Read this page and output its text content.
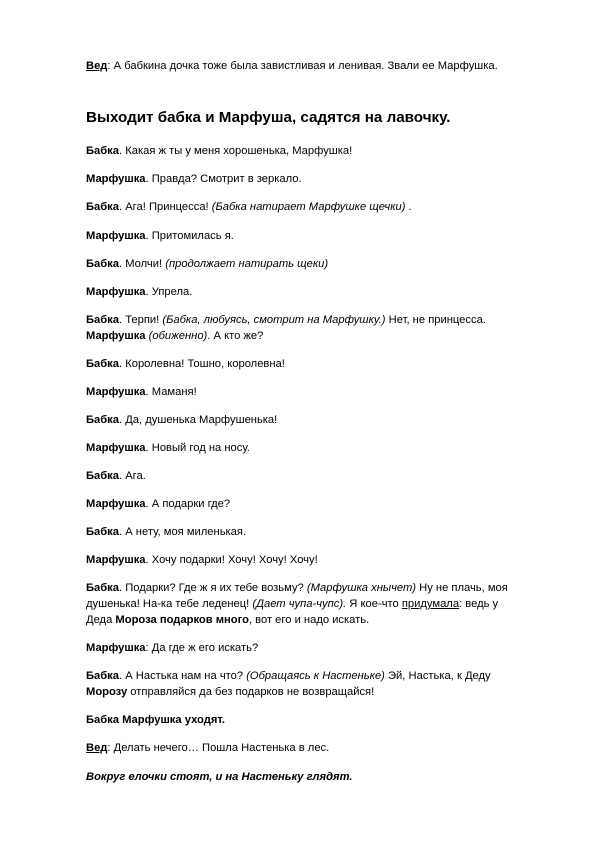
Вед: А бабкина дочка тоже была завистливая и ленивая. Звали ее Марфушка.

Выходит бабка и Марфуша, садятся на лавочку.

Бабка. Какая ж ты у меня хорошенька, Марфушка!

Марфушка. Правда? Смотрит в зеркало.

Бабка. Ага! Принцесса! (Бабка натирает Марфушке щечки) .

Марфушка. Притомилась я.

Бабка. Молчи! (продолжает натирать щеки)

Марфушка. Упрела.

Бабка. Терпи! (Бабка, любуясь, смотрит на Марфушку.) Нет, не принцесса.
Марфушка (обиженно). А кто же?

Бабка. Королевна! Тошно, королевна!

Марфушка. Маманя!

Бабка. Да, душенька Марфушенька!

Марфушка. Новый год на носу.

Бабка. Ага.

Марфушка. А подарки где?

Бабка. А нету, моя миленькая.

Марфушка. Хочу подарки! Хочу! Хочу! Хочу!

Бабка. Подарки? Где ж я их тебе возьму? (Марфушка хнычет) Ну не плачь, моя душенька! На-ка тебе леденец! (Дает чупа-чупс). Я кое-что придумала: ведь у Деда Мороза подарков много, вот его и надо искать.

Марфушка: Да где ж его искать?

Бабка. А Настька нам на что? (Обращаясь к Настеньке) Эй, Настька, к Деду Морозу отправляйся да без подарков не возвращайся!

Бабка Марфушка уходят.

Вед: Делать нечего… Пошла Настенька в лес.

Вокруг елочки стоят, и на Настеньку глядят.
